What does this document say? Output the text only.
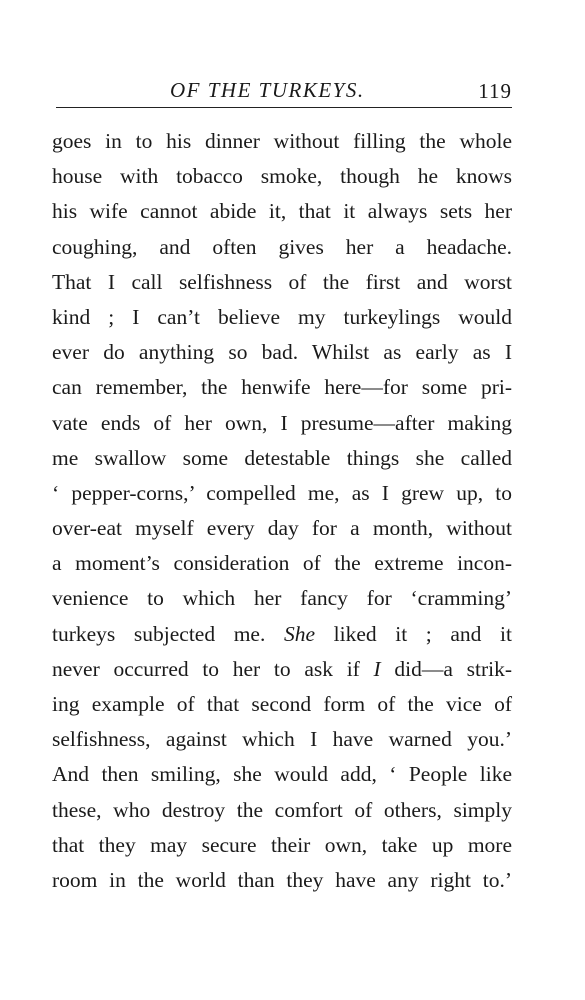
OF THE TURKEYS.	119
goes in to his dinner without filling the whole
house with tobacco smoke, though he knows
his wife cannot abide it, that it always sets her
coughing, and often gives her a headache.
That I call selfishness of the first and worst
kind ; I can’t believe my turkeylings would
ever do anything so bad. Whilst as early as I
can remember, the henwife here—for some pri-
vate ends of her own, I presume—after making
me swallow some detestable things she called
‘ pepper-corns,’ compelled me, as I grew up, to
over-eat myself every day for a month, without
a moment’s consideration of the extreme incon-
venience to which her fancy for ‘cramming’
turkeys subjected me. She liked it ; and it
never occurred to her to ask if I did—a strik-
ing example of that second form of the vice of
selfishness, against which I have warned you.’
And then smiling, she would add, ‘ People like
these, who destroy the comfort of others, simply
that they may secure their own, take up more
room in the world than they have any right to.’
